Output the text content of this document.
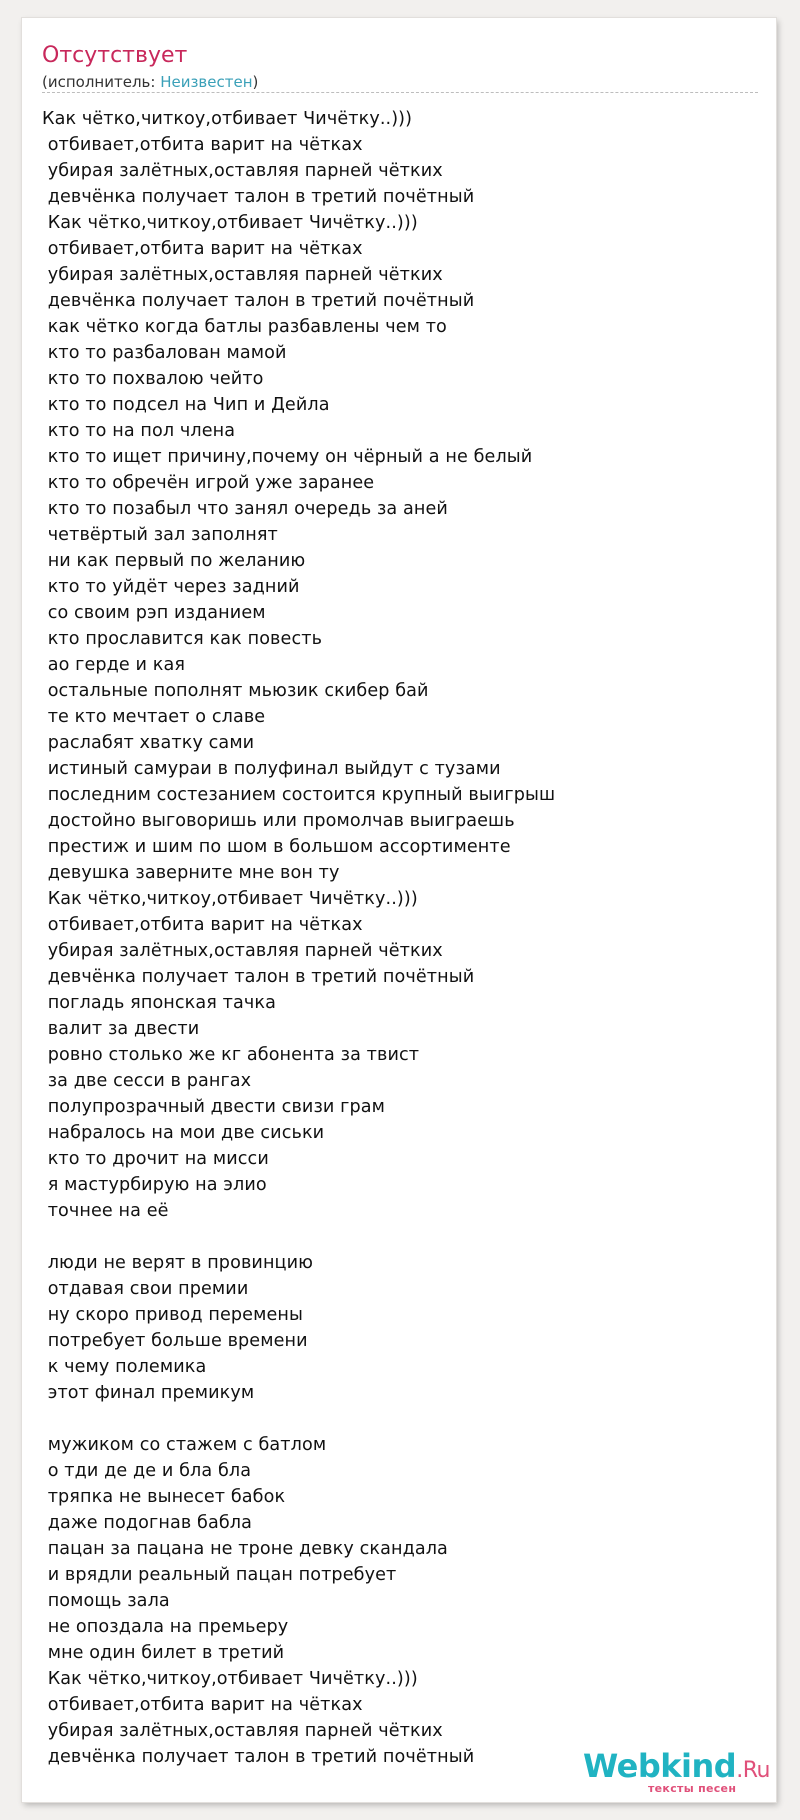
Отсутствует
(исполнитель: Неизвестен)
Как чётко,читкоу,отбивает Чичётку..)))
отбивает,отбита варит на чётках
убирая залётных,оставляя парней чётких
девчёнка получает талон в третий почётный
Как чётко,читкоу,отбивает Чичётку..)))
отбивает,отбита варит на чётках
убирая залётных,оставляя парней чётких
девчёнка получает талон в третий почётный
как чётко когда батлы разбавлены чем то
кто то разбалован мамой
кто то похвалою чейто
кто то подсел на Чип и Дейла
кто то на пол члена
кто то ищет причину,почему он чёрный а не белый
кто то обречён игрой уже заранее
кто то позабыл что занял очередь за аней
четвёртый зал заполнят
ни как первый по желанию
кто то уйдёт через задний
со своим рэп изданием
кто прославится как повесть
ао герде и кая
остальные пополнят мьюзик скибер бай
те кто мечтает о славе
раслабят хватку сами
истиный самураи в полуфинал выйдут с тузами
последним состезанием состоится крупный выигрыш
достойно выговоришь или промолчав выиграешь
престиж и шим по шом в большом ассортименте
девушка заверните мне вон ту
Как чётко,читкоу,отбивает Чичётку..)))
отбивает,отбита варит на чётках
убирая залётных,оставляя парней чётких
девчёнка получает талон в третий почётный
погладь японская тачка
валит за двести
ровно столько же кг абонента за твист
за две сесси в рангах
полупрозрачный двести свизи грам
набралось на мои две сиськи
кто то дрочит на мисси
я мастурбирую на элио
точнее на её
люди не верят в провинцию
отдавая свои премии
ну скоро привод перемены
потребует больше времени
к чему полемика
этот финал премикум
мужиком со стажем с батлом
о тди де де и бла бла
тряпка не вынесет бабок
даже подогнав бабла
пацан за пацана не троне девку скандала
и врядли реальный пацан потребует
помощь зала
не опоздала на премьеру
мне один билет в третий
Как чётко,читкоу,отбивает Чичётку..)))
отбивает,отбита варит на чётках
убирая залётных,оставляя парней чётких
девчёнка получает талон в третий почётный	Webkind.Ru
тексты песен
